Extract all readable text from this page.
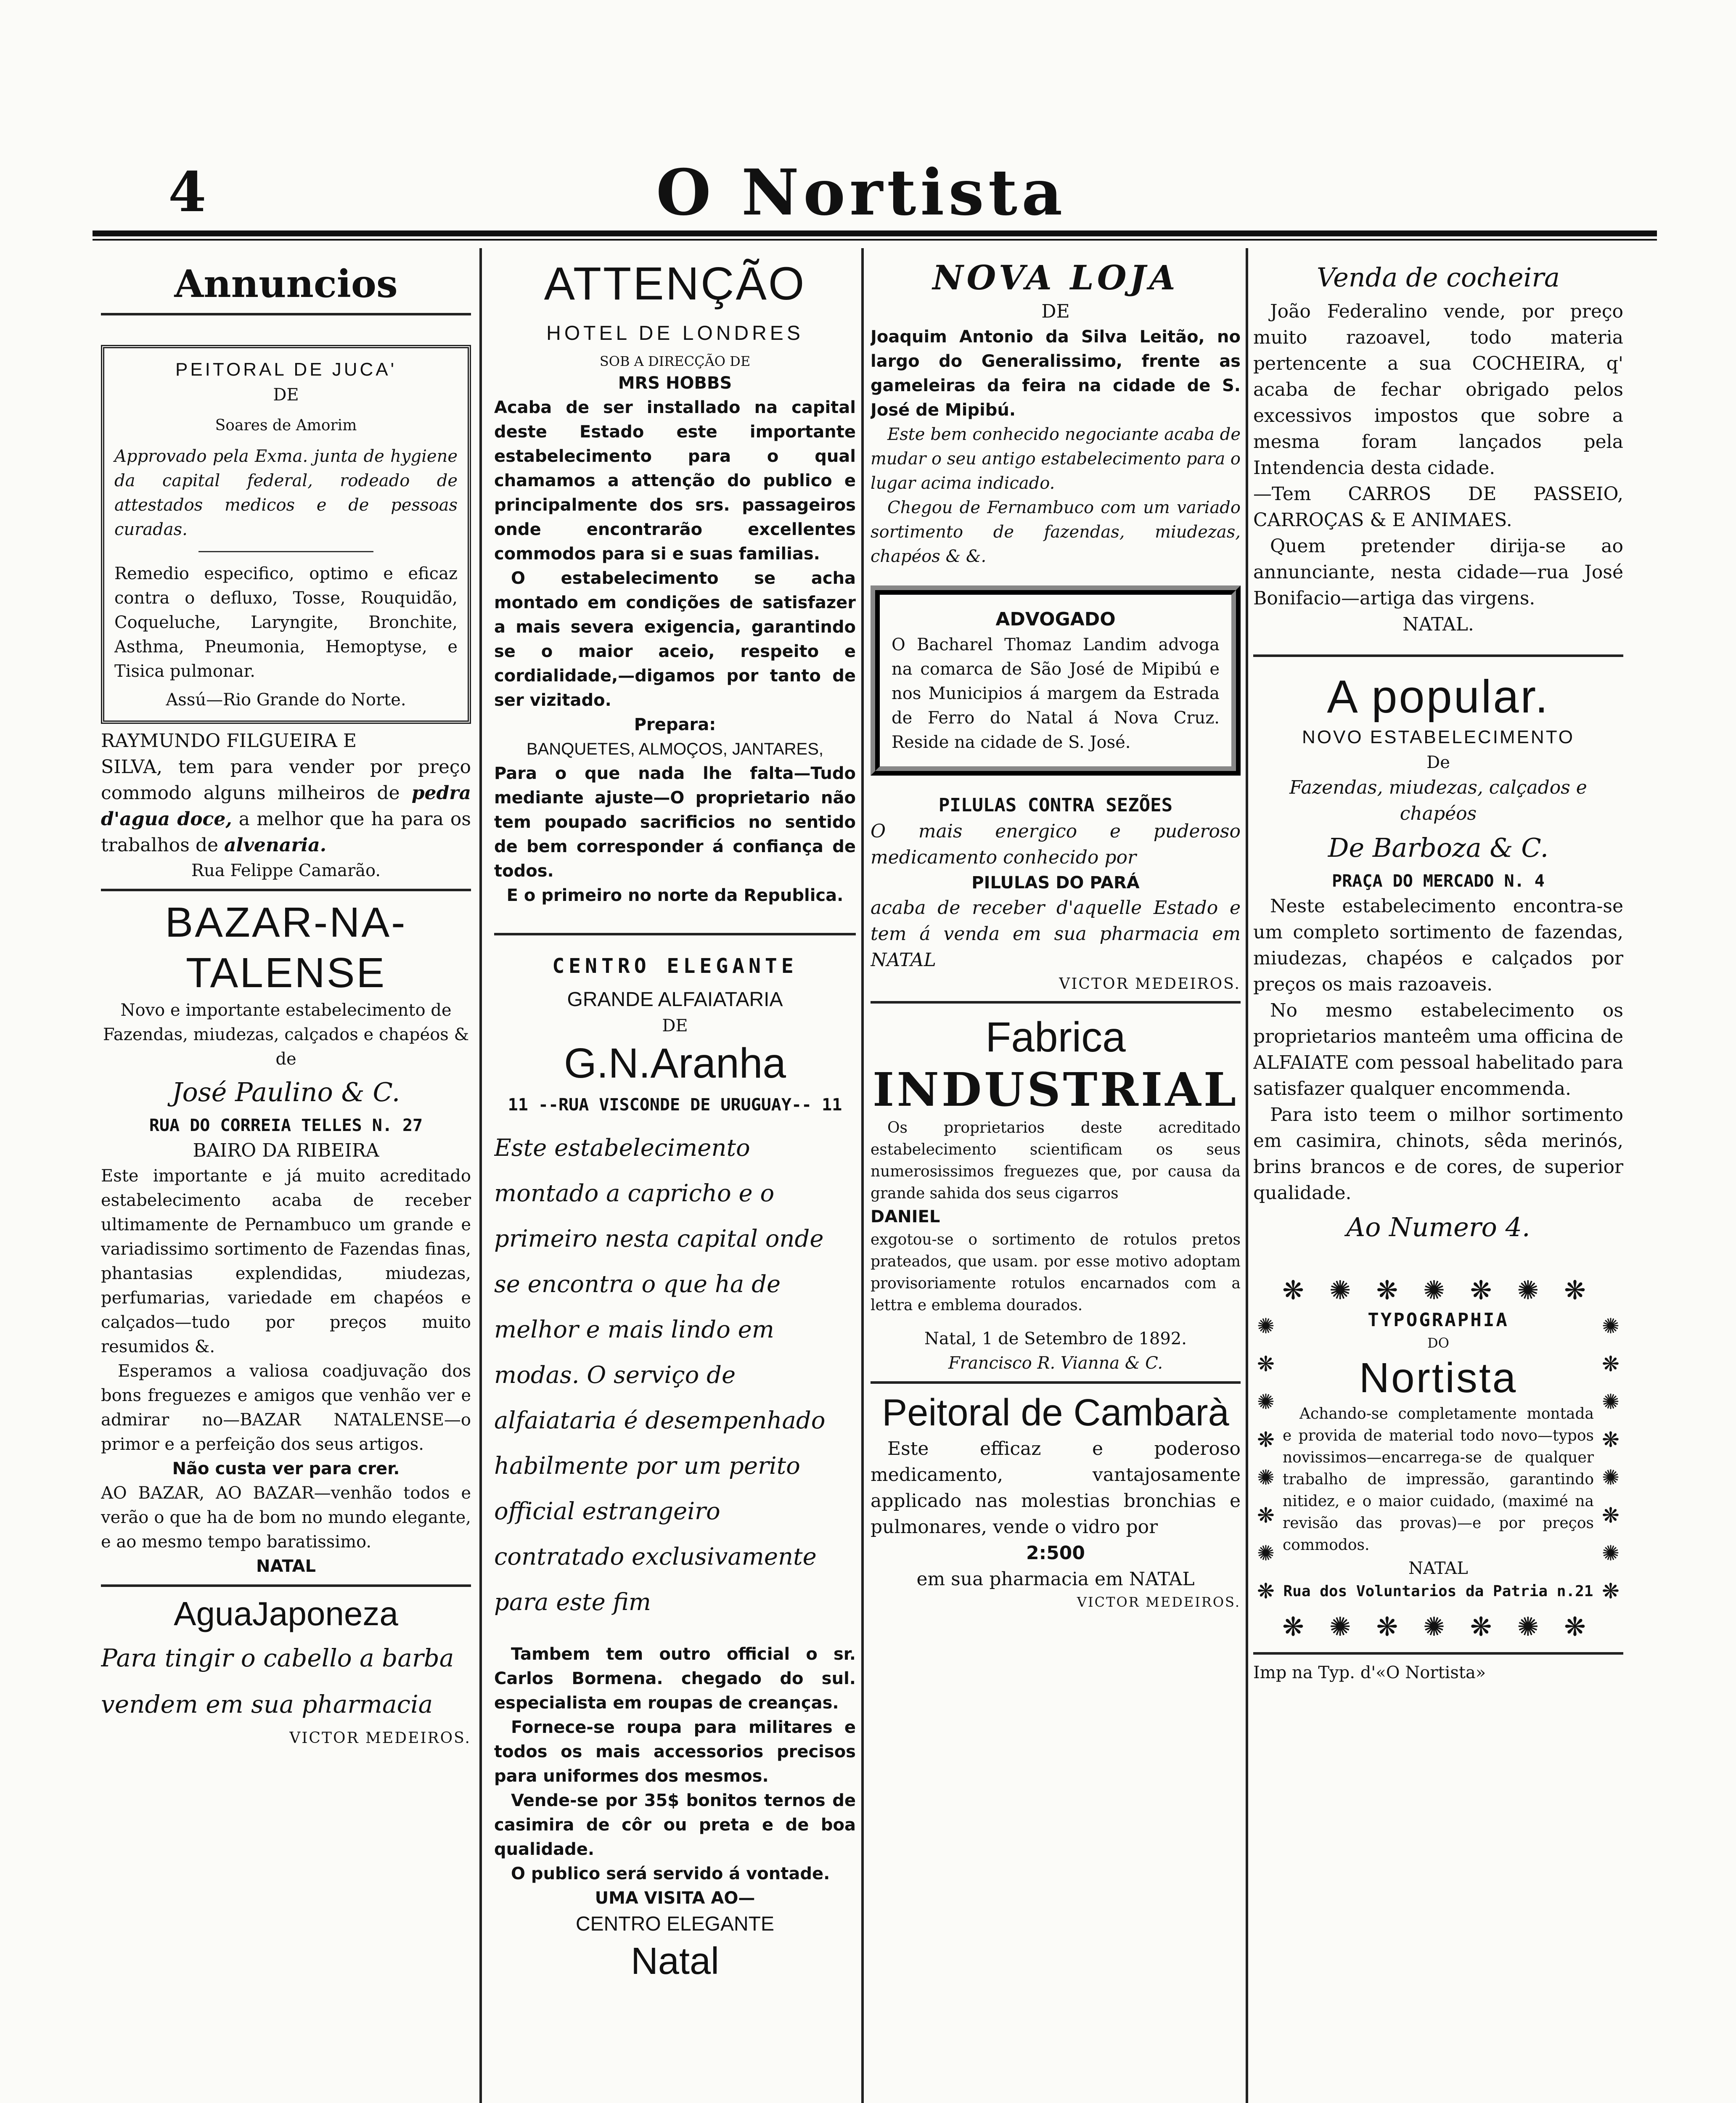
4	O Nortista

Annuncios

PEITORAL DE JUCA'

DE

Soares de Amorim

Approvado pela Exma. junta de hygiene da capital federal, rodeado de attestados medicos e de pessoas curadas.

Remedio especifico, optimo e eficaz contra o defluxo, Tosse, Rouquidão, Coqueluche, Laryngite, Bronchite, Asthma, Pneumonia, Hemoptyse, e Tisica pulmonar.

Assú—Rio Grande do Norte.

RAYMUNDO FILGUEIRA E

SILVA, tem para vender por preço commodo alguns milheiros de pedra d'agua doce, a melhor que ha para os trabalhos de alvenaria.

Rua Felippe Camarão.

BAZAR-NA-

TALENSE

Novo e importante estabelecimento de Fazendas, miudezas, calçados e chapéos & de

José Paulino & C.

RUA DO CORREIA TELLES N. 27

BAIRO DA RIBEIRA

Este importante e já muito acreditado estabelecimento acaba de receber ultimamente de Pernambuco um grande e variadissimo sortimento de Fazendas finas, phantasias explendidas, miudezas, perfumarias, variedade em chapéos e calçados—tudo por preços muito resumidos &.

Esperamos a valiosa coadjuvação dos bons freguezes e amigos que venhão ver e admirar no—BAZAR NATALENSE—o primor e a perfeição dos seus artigos.

Não custa ver para crer.

AO BAZAR, AO BAZAR—venhão todos e verão o que ha de bom no mundo elegante, e ao mesmo tempo baratissimo.

NATAL

AguaJaponeza

Para tingir o cabello a barba vendem em sua pharmacia

VICTOR MEDEIROS.

ATTENÇÃO

HOTEL DE LONDRES

SOB A DIRECÇÃO DE

MRS HOBBS

Acaba de ser installado na capital deste Estado este importante estabelecimento para o qual chamamos a attenção do publico e principalmente dos srs. passageiros onde encontrarão excellentes commodos para si e suas familias.

O estabelecimento se acha montado em condições de satisfazer a mais severa exigencia, garantindo se o maior aceio, respeito e cordialidade,—digamos por tanto de ser vizitado.

Prepara:

BANQUETES, ALMOÇOS, JANTARES,

Para o que nada lhe falta—Tudo mediante ajuste—O proprietario não tem poupado sacrificios no sentido de bem corresponder á confiança de todos.

E o primeiro no norte da Republica.

CENTRO ELEGANTE

GRANDE ALFAIATARIA

DE

G.N.Aranha

11 --RUA VISCONDE DE URUGUAY-- 11

Este estabelecimento montado a capricho e o primeiro nesta capital onde se encontra o que ha de melhor e mais lindo em modas. O serviço de alfaiataria é desempenhado habilmente por um perito official estrangeiro contratado exclusivamente para este fim

Tambem tem outro official o sr. Carlos Bormena. chegado do sul. especialista em roupas de creanças.

Fornece-se roupa para militares e todos os mais accessorios precisos para uniformes dos mesmos.

Vende-se por 35$ bonitos ternos de casimira de côr ou preta e de boa qualidade.

O publico será servido á vontade.

UMA VISITA AO—

CENTRO ELEGANTE

Natal

NOVA LOJA

DE

Joaquim Antonio da Silva Leitão, no largo do Generalissimo, frente as gameleiras da feira na cidade de S. José de Mipibú.

Este bem conhecido negociante acaba de mudar o seu antigo estabelecimento para o lugar acima indicado.

Chegou de Fernambuco com um variado sortimento de fazendas, miudezas, chapéos & &.

ADVOGADO

O Bacharel Thomaz Landim advoga na comarca de São José de Mipibú e nos Municipios á margem da Estrada de Ferro do Natal á Nova Cruz. Reside na cidade de S. José.

PILULAS CONTRA SEZÕES

O mais energico e puderoso medicamento conhecido por

PILULAS DO PARÁ

acaba de receber d'aquelle Estado e tem á venda em sua pharmacia em NATAL

VICTOR MEDEIROS.

Fabrica

INDUSTRIAL

Os proprietarios deste acreditado estabelecimento scientificam os seus numerosissimos freguezes que, por causa da grande sahida dos seus cigarros

DANIEL

exgotou-se o sortimento de rotulos pretos prateados, que usam. por esse motivo adoptam provisoriamente rotulos encarnados com a lettra e emblema dourados.

Natal, 1 de Setembro de 1892.

Francisco R. Vianna & C.

Peitoral de Cambarà

Este efficaz e poderoso medicamento, vantajosamente applicado nas molestias bronchias e pulmonares, vende o vidro por

2:500

em sua pharmacia em NATAL

VICTOR MEDEIROS.

Venda de cocheira

João Federalino vende, por preço muito razoavel, todo materia pertencente a sua COCHEIRA, q' acaba de fechar obrigado pelos excessivos impostos que sobre a mesma foram lançados pela Intendencia desta cidade.

—Tem CARROS DE PASSEIO, CARROÇAS & E ANIMAES.

Quem pretender dirija-se ao annunciante, nesta cidade—rua José Bonifacio—artiga das virgens.

NATAL.

A popular.

NOVO ESTABELECIMENTO

De

Fazendas, miudezas, calçados e chapéos

De Barboza & C.

PRAÇA DO MERCADO N. 4

Neste estabelecimento encontra-se um completo sortimento de fazendas, miudezas, chapéos e calçados por preços os mais razoaveis.

No mesmo estabelecimento os proprietarios manteêm uma officina de ALFAIATE com pessoal habelitado para satisfazer qualquer encommenda.

Para isto teem o milhor sortimento em casimira, chinots, sêda merinós, brins brancos e de cores, de superior qualidade.

Ao Numero 4.

❋ ✺ ❋ ✺ ❋ ✺ ❋
✺
❋
✺
❋
✺
❋
✺
❋

TYPOGRAPHIA

DO

Nortista

Achando-se completamente montada e provida de material todo novo—typos novissimos—encarrega-se de qualquer trabalho de impressão, garantindo nitidez, e o maior cuidado, (maximé na revisão das provas)—e por preços commodos.

NATAL

Rua dos Voluntarios da Patria n.21

✺
❋
✺
❋
✺
❋
✺
❋
❋ ✺ ❋ ✺ ❋ ✺ ❋

Imp na Typ. d'«O Nortista»
